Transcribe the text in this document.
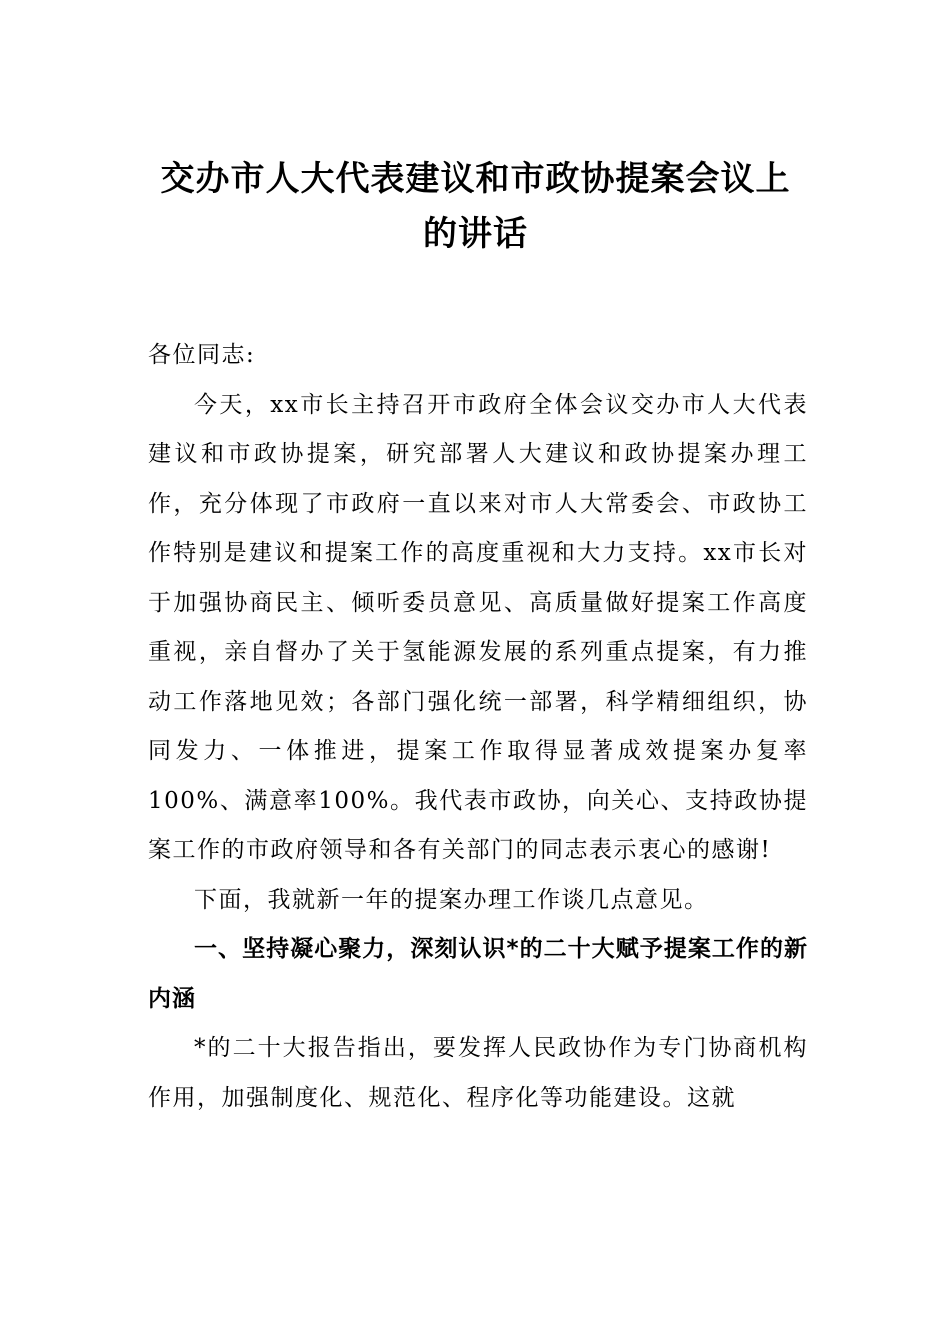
交办市人大代表建议和市政协提案会议上的讲话

各位同志:

今天，xx市长主持召开市政府全体会议交办市人大代表建议和市政协提案，研究部署人大建议和政协提案办理工作，充分体现了市政府一直以来对市人大常委会、市政协工作特别是建议和提案工作的高度重视和大力支持。xx市长对于加强协商民主、倾听委员意见、高质量做好提案工作高度重视，亲自督办了关于氢能源发展的系列重点提案，有力推动工作落地见效；各部门强化统一部署，科学精细组织，协同发力、一体推进，提案工作取得显著成效提案办复率100%、满意率100%。我代表市政协，向关心、支持政协提案工作的市政府领导和各有关部门的同志表示衷心的感谢!

下面，我就新一年的提案办理工作谈几点意见。

一、坚持凝心聚力，深刻认识*的二十大赋予提案工作的新内涵

*的二十大报告指出，要发挥人民政协作为专门协商机构作用，加强制度化、规范化、程序化等功能建设。这就
